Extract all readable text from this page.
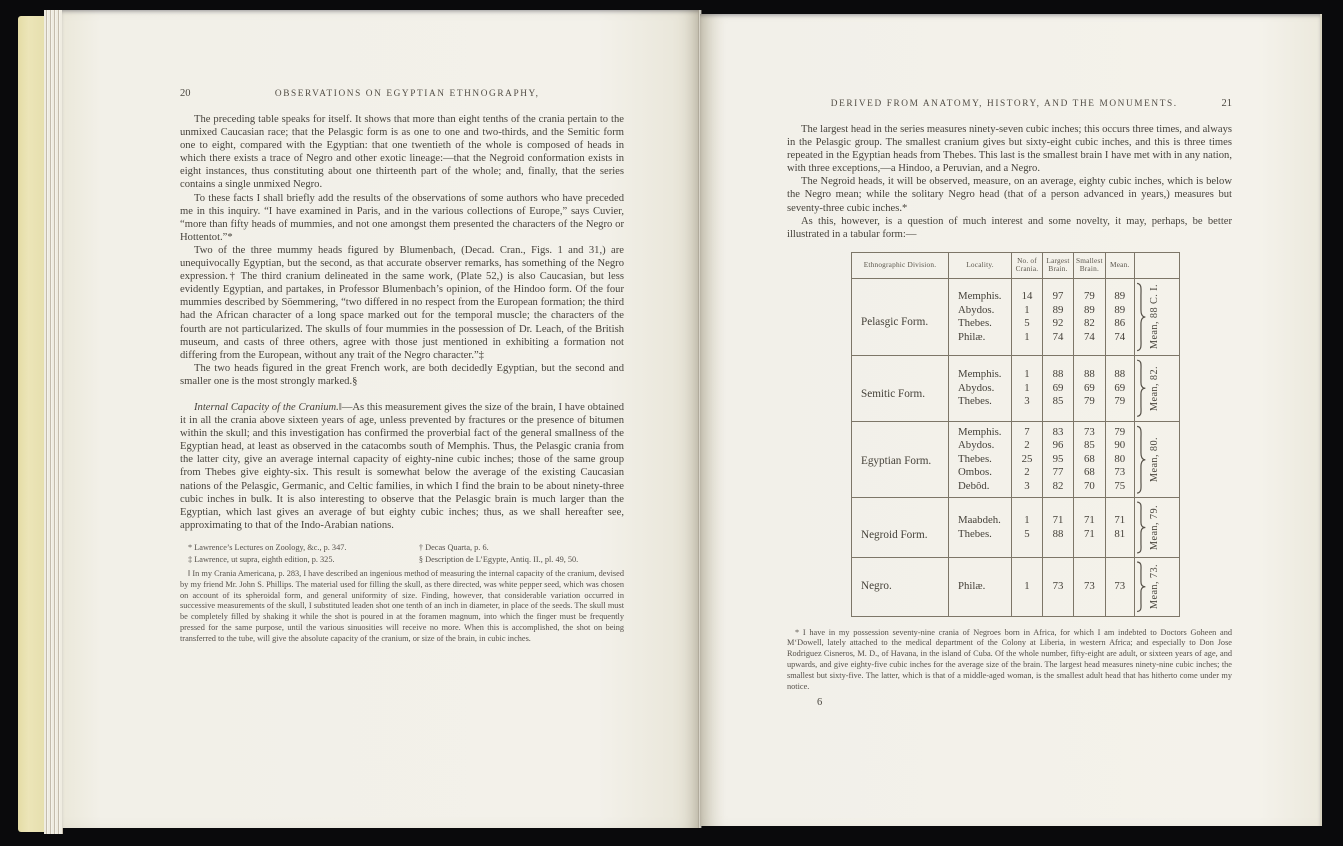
20	OBSERVATIONS ON EGYPTIAN ETHNOGRAPHY,

The preceding table speaks for itself. It shows that more than eight tenths of the crania pertain to the unmixed Caucasian race; that the Pelasgic form is as one to one and two-thirds, and the Semitic form one to eight, compared with the Egyptian: that one twentieth of the whole is composed of heads in which there exists a trace of Negro and other exotic lineage:—that the Negroid conformation exists in eight instances, thus constituting about one thirteenth part of the whole; and, finally, that the series contains a single unmixed Negro.

To these facts I shall briefly add the results of the observations of some authors who have preceded me in this inquiry. “I have examined in Paris, and in the various collections of Europe,” says Cuvier, “more than fifty heads of mummies, and not one amongst them presented the characters of the Negro or Hottentot.”*

Two of the three mummy heads figured by Blumenbach, (Decad. Cran., Figs. 1 and 31,) are unequivocally Egyptian, but the second, as that accurate observer remarks, has something of the Negro expression.† The third cranium delineated in the same work, (Plate 52,) is also Caucasian, but less evidently Egyptian, and partakes, in Professor Blumenbach’s opinion, of the Hindoo form. Of the four mummies described by Söemmering, “two differed in no respect from the European formation; the third had the African character of a long space marked out for the temporal muscle; the characters of the fourth are not particularized. The skulls of four mummies in the possession of Dr. Leach, of the British museum, and casts of three others, agree with those just mentioned in exhibiting a formation not differing from the European, without any trait of the Negro character.”‡

The two heads figured in the great French work, are both decidedly Egyptian, but the second and smaller one is the most strongly marked.§

Internal Capacity of the Cranium.‖—As this measurement gives the size of the brain, I have obtained it in all the crania above sixteen years of age, unless prevented by fractures or the presence of bitumen within the skull; and this investigation has confirmed the proverbial fact of the general smallness of the Egyptian head, at least as observed in the catacombs south of Memphis. Thus, the Pelasgic crania from the latter city, give an average internal capacity of eighty-nine cubic inches; those of the same group from Thebes give eighty-six. This result is somewhat below the average of the existing Caucasian nations of the Pelasgic, Germanic, and Celtic families, in which I find the brain to be about ninety-three cubic inches in bulk. It is also interesting to observe that the Pelasgic brain is much larger than the Egyptian, which last gives an average of but eighty cubic inches; thus, as we shall hereafter see, approximating to that of the Indo-Arabian nations.

* Lawrence’s Lectures on Zoology, &c., p. 347.	† Decas Quarta, p. 6.
‡ Lawrence, ut supra, eighth edition, p. 325.	§ Description de L’Egypte, Antiq. II., pl. 49, 50.

‖ In my Crania Americana, p. 283, I have described an ingenious method of measuring the internal capacity of the cranium, devised by my friend Mr. John S. Phillips. The material used for filling the skull, as there directed, was white pepper seed, which was chosen on account of its spheroidal form, and general uniformity of size. Finding, however, that considerable variation occurred in successive measurements of the skull, I substituted leaden shot one tenth of an inch in diameter, in place of the seeds. The skull must be completely filled by shaking it while the shot is poured in at the foramen magnum, into which the finger must be frequently pressed for the same purpose, until the various sinuosities will receive no more. When this is accomplished, the shot on being transferred to the tube, will give the absolute capacity of the cranium, or size of the brain, in cubic inches.

DERIVED FROM ANATOMY, HISTORY, AND THE MONUMENTS.	21

The largest head in the series measures ninety-seven cubic inches; this occurs three times, and always in the Pelasgic group. The smallest cranium gives but sixty-eight cubic inches, and this is three times repeated in the Egyptian heads from Thebes. This last is the smallest brain I have met with in any nation, with three exceptions,—a Hindoo, a Peruvian, and a Negro.

The Negroid heads, it will be observed, measure, on an average, eighty cubic inches, which is below the Negro mean; while the solitary Negro head (that of a person advanced in years,) measures but seventy-three cubic inches.*

As this, however, is a question of much interest and some novelty, it may, perhaps, be better illustrated in a tabular form:—

Ethnographic Division.	Locality.	No. of Crania.	Largest Brain.	Smallest Brain.	Mean.	
Pelasgic Form.	Memphis.	14	97	79	89	Mean, 88 C. I.

	Abydos.	1	89	89	89	
	Thebes.	5	92	82	86	
	Philæ.	1	74	74	74	
Semitic Form.	Memphis.	1	88	88	88	Mean, 82.

	Abydos.	1	69	69	69	
	Thebes.	3	85	79	79	
Egyptian Form.	Memphis.	7	83	73	79	Mean, 80.

	Abydos.	2	96	85	90	
	Thebes.	25	95	68	80	
	Ombos.	2	77	68	73	
	Debôd.	3	82	70	75	
Negroid Form.	Maabdeh.	1	71	71	71	Mean, 79.

	Thebes.	5	88	71	81	
Negro.	Philæ.	1	73	73	73	Mean, 73.

* I have in my possession seventy-nine crania of Negroes born in Africa, for which I am indebted to Doctors Goheen and M‘Dowell, lately attached to the medical department of the Colony at Liberia, in western Africa; and especially to Don Jose Rodriguez Cisneros, M. D., of Havana, in the island of Cuba. Of the whole number, fifty-eight are adult, or sixteen years of age, and upwards, and give eighty-five cubic inches for the average size of the brain. The largest head measures ninety-nine cubic inches; the smallest but sixty-five. The latter, which is that of a middle-aged woman, is the smallest adult head that has hitherto come under my notice.

6
